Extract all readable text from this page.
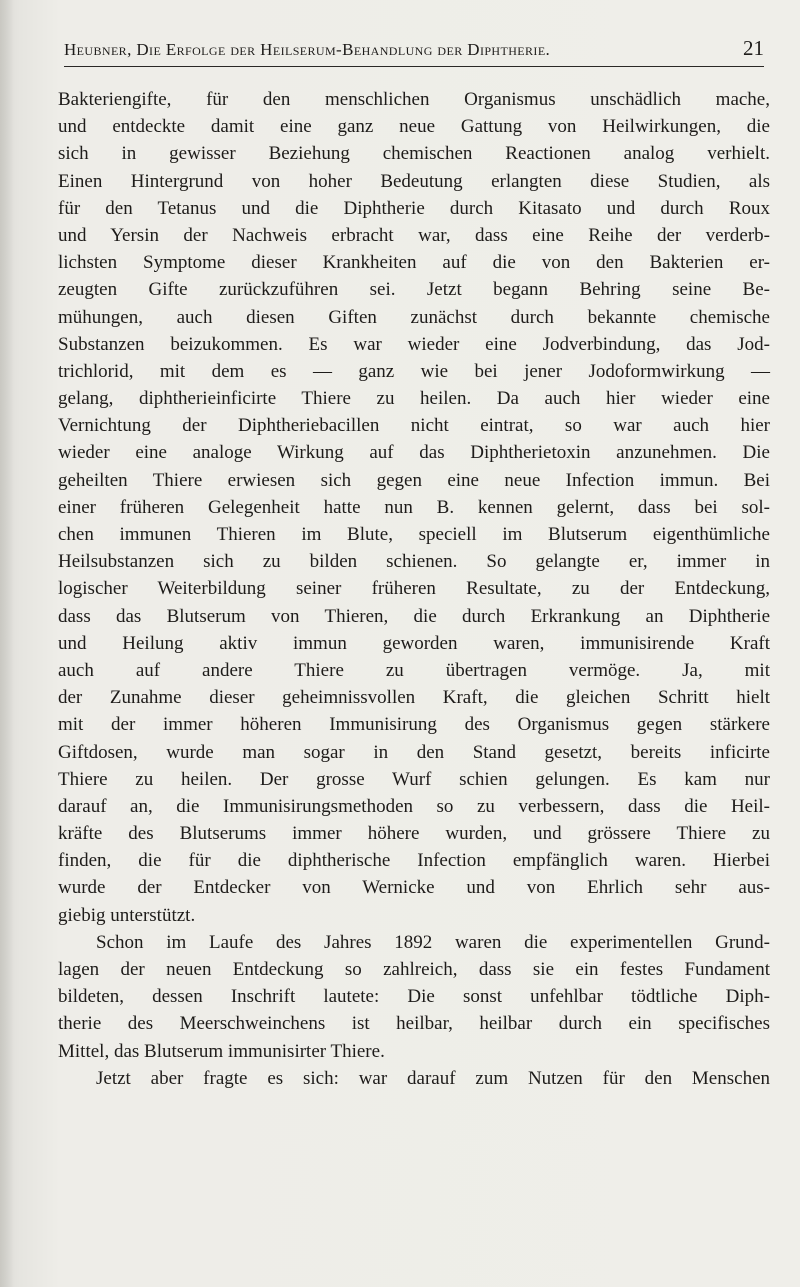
Heubner, Die Erfolge der Heilserum-Behandlung der Diphtherie.	21
Bakteriengifte, für den menschlichen Organismus unschädlich mache,
und entdeckte damit eine ganz neue Gattung von Heilwirkungen, die
sich in gewisser Beziehung chemischen Reactionen analog verhielt.
Einen Hintergrund von hoher Bedeutung erlangten diese Studien, als
für den Tetanus und die Diphtherie durch Kitasato und durch Roux
und Yersin der Nachweis erbracht war, dass eine Reihe der verderb-
lichsten Symptome dieser Krankheiten auf die von den Bakterien er-
zeugten Gifte zurückzuführen sei. Jetzt begann Behring seine Be-
mühungen, auch diesen Giften zunächst durch bekannte chemische
Substanzen beizukommen. Es war wieder eine Jodverbindung, das Jod-
trichlorid, mit dem es — ganz wie bei jener Jodoformwirkung —
gelang, diphtherieinficirte Thiere zu heilen. Da auch hier wieder eine
Vernichtung der Diphtheriebacillen nicht eintrat, so war auch hier
wieder eine analoge Wirkung auf das Diphtherietoxin anzunehmen. Die
geheilten Thiere erwiesen sich gegen eine neue Infection immun. Bei
einer früheren Gelegenheit hatte nun B. kennen gelernt, dass bei sol-
chen immunen Thieren im Blute, speciell im Blutserum eigenthümliche
Heilsubstanzen sich zu bilden schienen. So gelangte er, immer in
logischer Weiterbildung seiner früheren Resultate, zu der Entdeckung,
dass das Blutserum von Thieren, die durch Erkrankung an Diphtherie
und Heilung aktiv immun geworden waren, immunisirende Kraft
auch auf andere Thiere zu übertragen vermöge. Ja, mit
der Zunahme dieser geheimnissvollen Kraft, die gleichen Schritt hielt
mit der immer höheren Immunisirung des Organismus gegen stärkere
Giftdosen, wurde man sogar in den Stand gesetzt, bereits inficirte
Thiere zu heilen. Der grosse Wurf schien gelungen. Es kam nur
darauf an, die Immunisirungsmethoden so zu verbessern, dass die Heil-
kräfte des Blutserums immer höhere wurden, und grössere Thiere zu
finden, die für die diphtherische Infection empfänglich waren. Hierbei
wurde der Entdecker von Wernicke und von Ehrlich sehr aus-
giebig unterstützt.
Schon im Laufe des Jahres 1892 waren die experimentellen Grund-
lagen der neuen Entdeckung so zahlreich, dass sie ein festes Fundament
bildeten, dessen Inschrift lautete: Die sonst unfehlbar tödtliche Diph-
therie des Meerschweinchens ist heilbar, heilbar durch ein specifisches
Mittel, das Blutserum immunisirter Thiere.
Jetzt aber fragte es sich: war darauf zum Nutzen für den Menschen
